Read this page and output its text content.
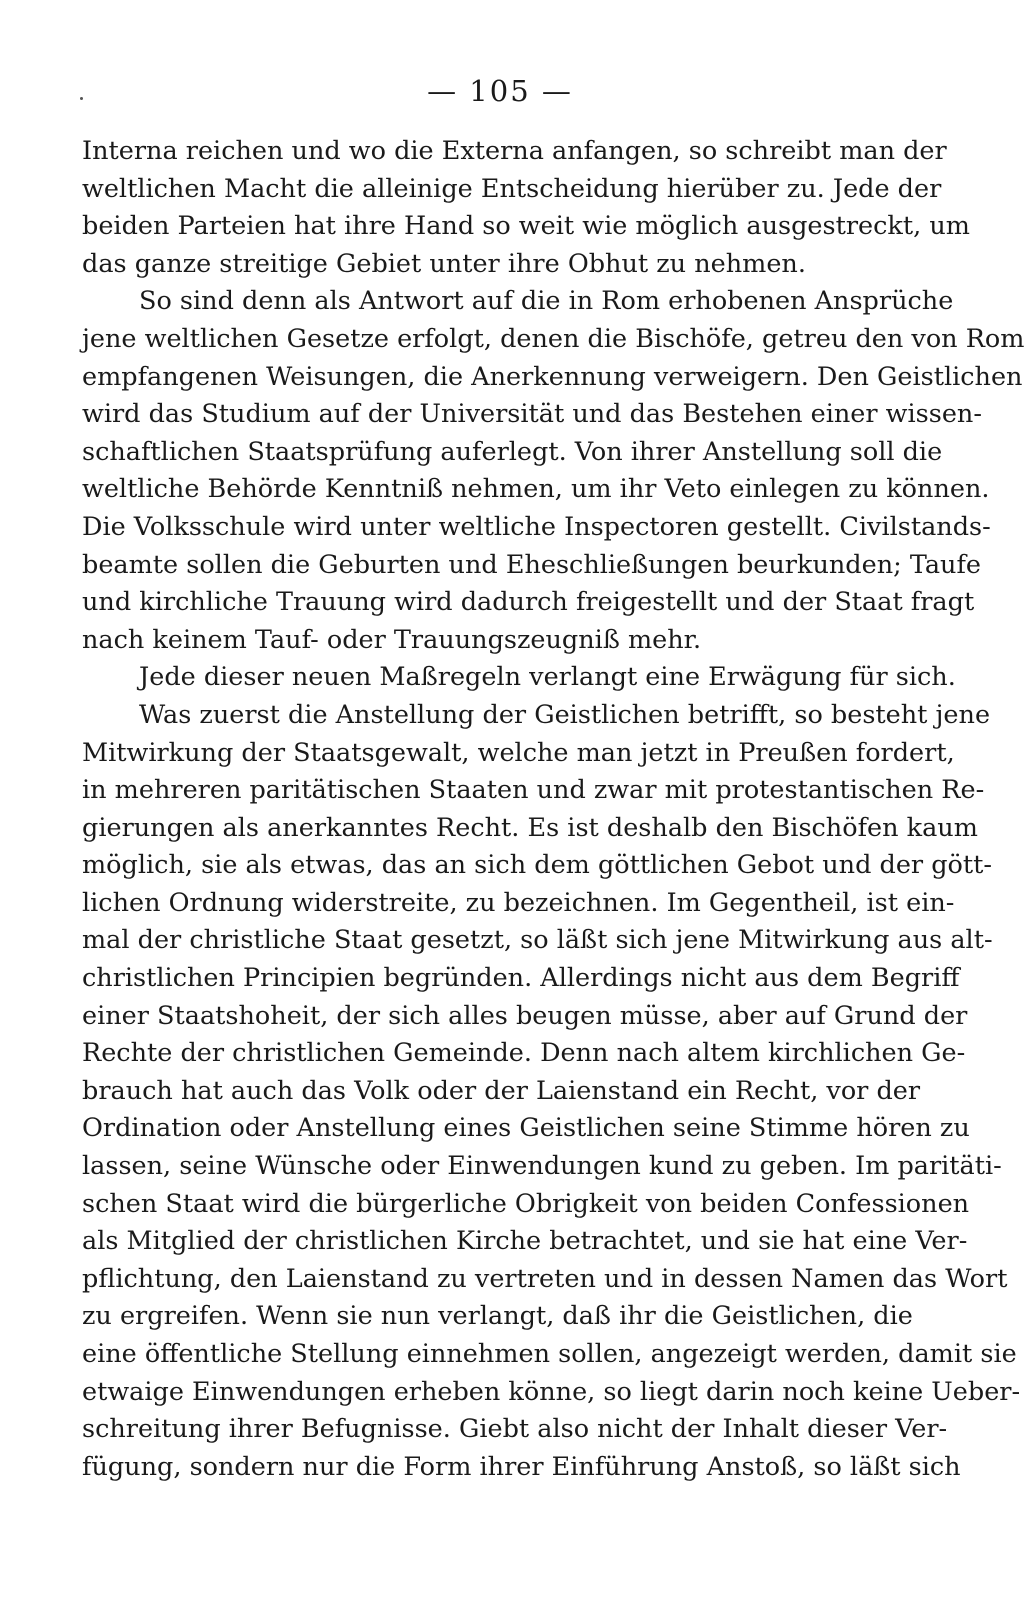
— 105 —
Interna reichen und wo die Externa anfangen, so schreibt man der
weltlichen Macht die alleinige Entscheidung hierüber zu. Jede der
beiden Parteien hat ihre Hand so weit wie möglich ausgestreckt, um
das ganze streitige Gebiet unter ihre Obhut zu nehmen.
So sind denn als Antwort auf die in Rom erhobenen Ansprüche
jene weltlichen Gesetze erfolgt, denen die Bischöfe, getreu den von Rom
empfangenen Weisungen, die Anerkennung verweigern. Den Geistlichen
wird das Studium auf der Universität und das Bestehen einer wissen-
schaftlichen Staatsprüfung auferlegt. Von ihrer Anstellung soll die
weltliche Behörde Kenntniß nehmen, um ihr Veto einlegen zu können.
Die Volksschule wird unter weltliche Inspectoren gestellt. Civilstands-
beamte sollen die Geburten und Eheschließungen beurkunden; Taufe
und kirchliche Trauung wird dadurch freigestellt und der Staat fragt
nach keinem Tauf- oder Trauungszeugniß mehr.
Jede dieser neuen Maßregeln verlangt eine Erwägung für sich.
Was zuerst die Anstellung der Geistlichen betrifft, so besteht jene
Mitwirkung der Staatsgewalt, welche man jetzt in Preußen fordert,
in mehreren paritätischen Staaten und zwar mit protestantischen Re-
gierungen als anerkanntes Recht. Es ist deshalb den Bischöfen kaum
möglich, sie als etwas, das an sich dem göttlichen Gebot und der gött-
lichen Ordnung widerstreite, zu bezeichnen. Im Gegentheil, ist ein-
mal der christliche Staat gesetzt, so läßt sich jene Mitwirkung aus alt-
christlichen Principien begründen. Allerdings nicht aus dem Begriff
einer Staatshoheit, der sich alles beugen müsse, aber auf Grund der
Rechte der christlichen Gemeinde. Denn nach altem kirchlichen Ge-
brauch hat auch das Volk oder der Laienstand ein Recht, vor der
Ordination oder Anstellung eines Geistlichen seine Stimme hören zu
lassen, seine Wünsche oder Einwendungen kund zu geben. Im paritäti-
schen Staat wird die bürgerliche Obrigkeit von beiden Confessionen
als Mitglied der christlichen Kirche betrachtet, und sie hat eine Ver-
pflichtung, den Laienstand zu vertreten und in dessen Namen das Wort
zu ergreifen. Wenn sie nun verlangt, daß ihr die Geistlichen, die
eine öffentliche Stellung einnehmen sollen, angezeigt werden, damit sie
etwaige Einwendungen erheben könne, so liegt darin noch keine Ueber-
schreitung ihrer Befugnisse. Giebt also nicht der Inhalt dieser Ver-
fügung, sondern nur die Form ihrer Einführung Anstoß, so läßt sich
